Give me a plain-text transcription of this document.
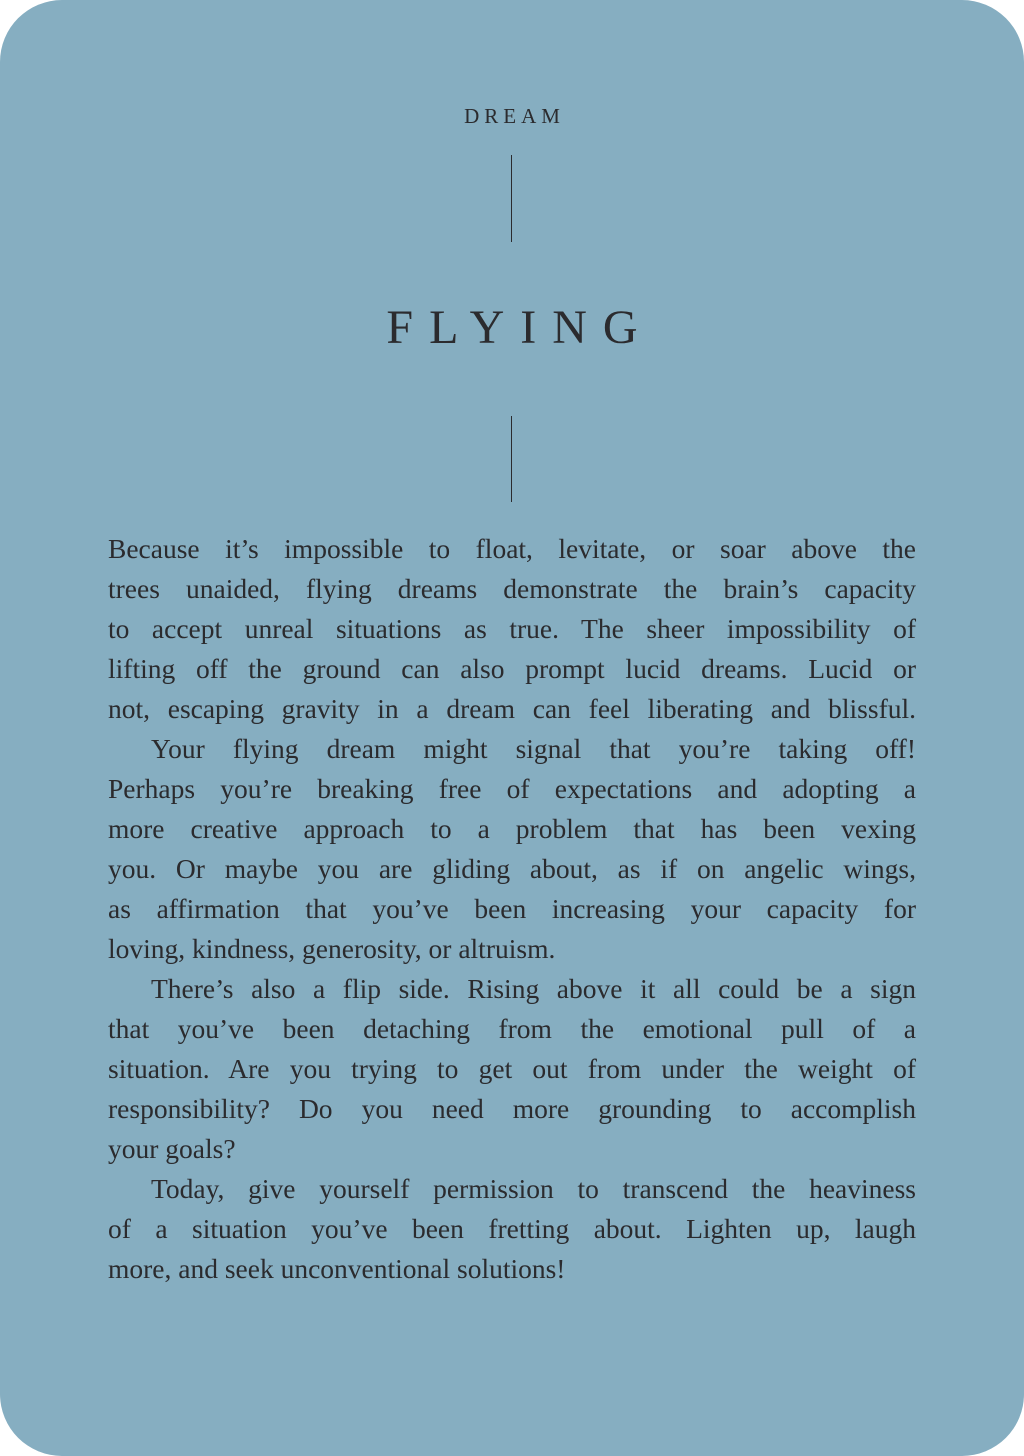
DREAM
FLYING

Because it’s impossible to float, levitate, or soar above the
trees unaided, flying dreams demonstrate the brain’s capacity
to accept unreal situations as true. The sheer impossibility of
lifting off the ground can also prompt lucid dreams. Lucid or
not, escaping gravity in a dream can feel liberating and blissful.

Your flying dream might signal that you’re taking off!
Perhaps you’re breaking free of expectations and adopting a
more creative approach to a problem that has been vexing
you. Or maybe you are gliding about, as if on angelic wings,
as affirmation that you’ve been increasing your capacity for
loving, kindness, generosity, or altruism.

There’s also a flip side. Rising above it all could be a sign
that you’ve been detaching from the emotional pull of a
situation. Are you trying to get out from under the weight of
responsibility? Do you need more grounding to accomplish
your goals?

Today, give yourself permission to transcend the heaviness
of a situation you’ve been fretting about. Lighten up, laugh
more, and seek unconventional solutions!
